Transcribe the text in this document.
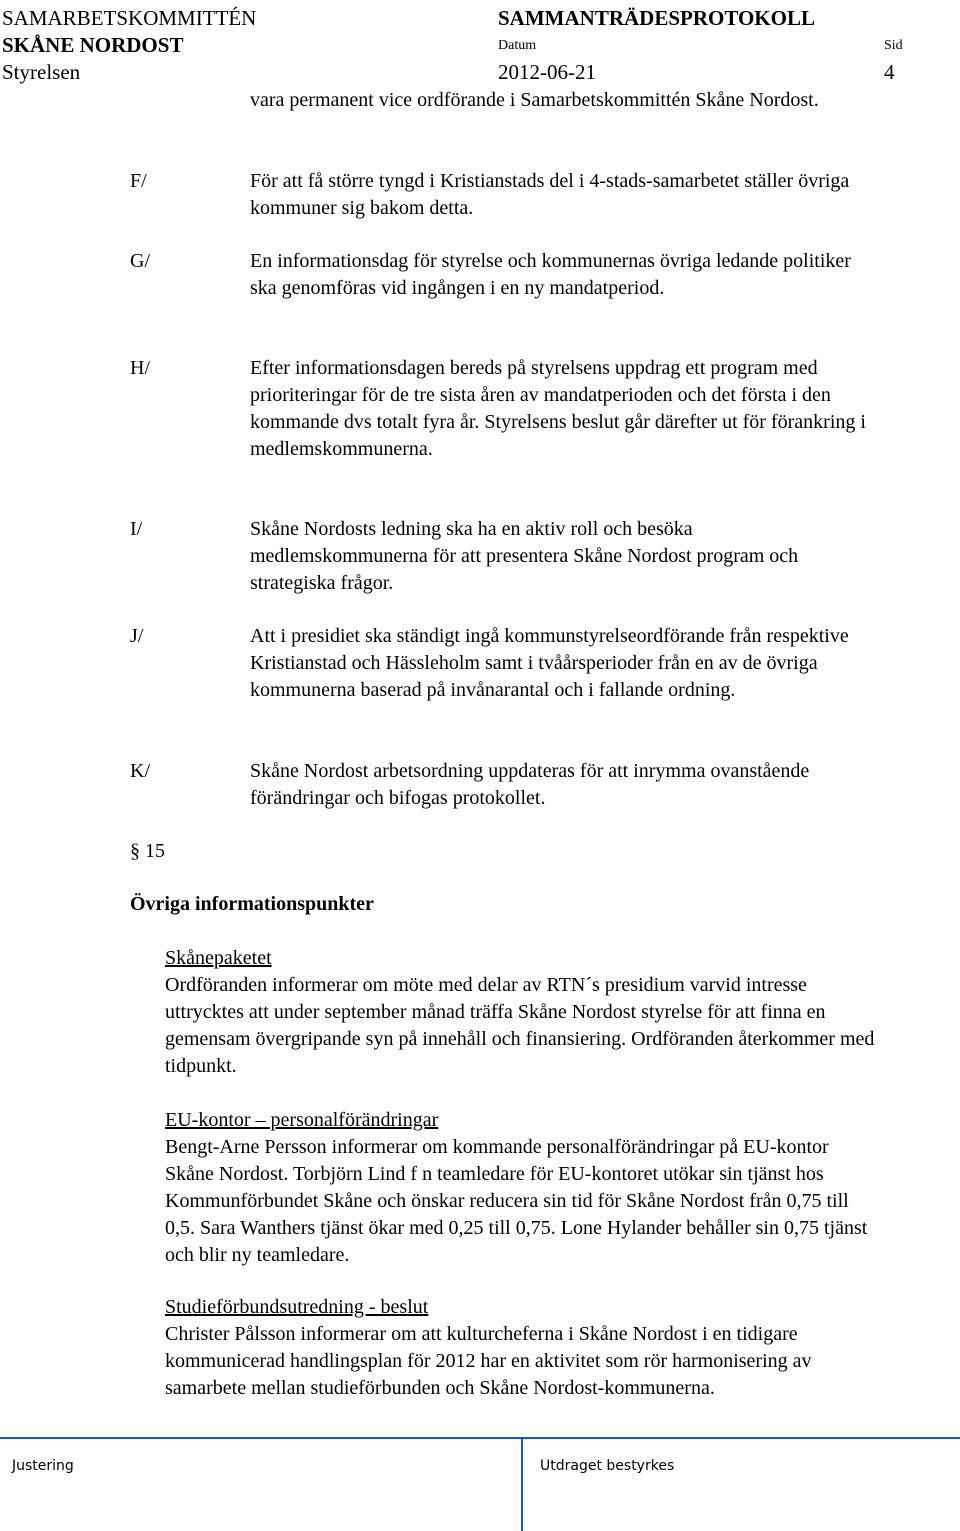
SAMARBETSKOMMITTÉN
SKÅNE NORDOST
Styrelsen
SAMMANTRÄDESPROTOKOLL
Datum
2012-06-21
Sid
4
vara permanent vice ordförande i Samarbetskommittén Skåne Nordost.
F/	För att få större tyngd i Kristianstads del i 4-stads-samarbetet ställer övriga kommuner sig bakom detta.
G/	En informationsdag för styrelse och kommunernas övriga ledande politiker ska genomföras vid ingången i en ny mandatperiod.
H/	Efter informationsdagen bereds på styrelsens uppdrag ett program med prioriteringar för de tre sista åren av mandatperioden och det första i den kommande dvs totalt fyra år. Styrelsens beslut går därefter ut för förankring i medlemskommunerna.
I/	Skåne Nordosts ledning ska ha en aktiv roll och besöka medlemskommunerna för att presentera Skåne Nordost program och strategiska frågor.
J/	Att i presidiet ska ständigt ingå kommunstyrelseordförande från respektive Kristianstad och Hässleholm samt i tvåårsperioder från en av de övriga kommunerna baserad på invånarantal och i fallande ordning.
K/	Skåne Nordost arbetsordning uppdateras för att inrymma ovanstående förändringar och bifogas protokollet.
§ 15
Övriga informationspunkter
Skånepaketet
Ordföranden informerar om möte med delar av RTN´s presidium varvid intresse uttrycktes att under september månad träffa Skåne Nordost styrelse för att finna en gemensam övergripande syn på innehåll och finansiering. Ordföranden återkommer med tidpunkt.
EU-kontor – personalförändringar
Bengt-Arne Persson informerar om kommande personalförändringar på EU-kontor Skåne Nordost. Torbjörn Lind f n teamledare för EU-kontoret utökar sin tjänst hos Kommunförbundet Skåne och önskar reducera sin tid för Skåne Nordost från 0,75 till 0,5. Sara Wanthers tjänst ökar med 0,25 till 0,75. Lone Hylander behåller sin 0,75 tjänst och blir ny teamledare.
Studieförbundsutredning - beslut
Christer Pålsson informerar om att kulturcheferna i Skåne Nordost i en tidigare kommunicerad handlingsplan för 2012 har en aktivitet som rör harmonisering av samarbete mellan studieförbunden och Skåne Nordost-kommunerna.
Justering	Utdraget bestyrkes
